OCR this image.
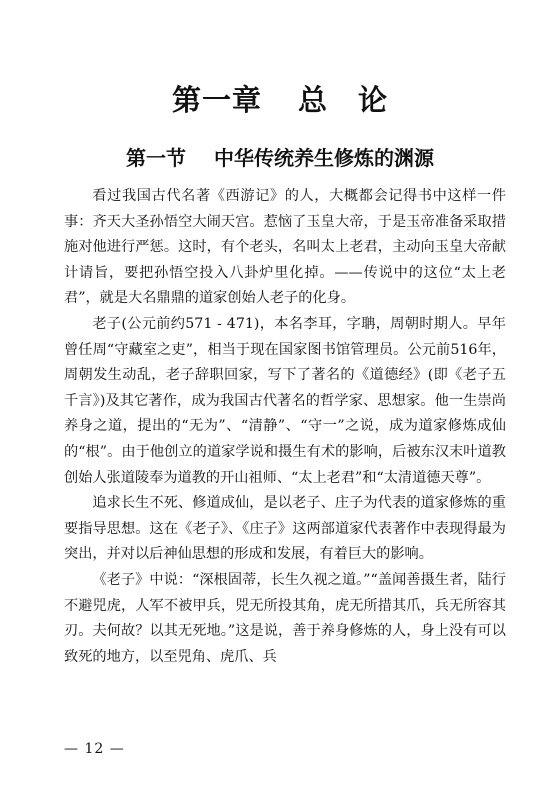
第一章 总 论
第一节 中华传统养生修炼的渊源

看过我国古代名著《西游记》的人，大概都会记得书中这样一件事：齐天大圣孙悟空大闹天宫。惹恼了玉皇大帝，于是玉帝准备采取措施对他进行严惩。这时，有个老头，名叫太上老君，主动向玉皇大帝献计请旨，要把孙悟空投入八卦炉里化掉。——传说中的这位“太上老君”，就是大名鼎鼎的道家创始人老子的化身。

老子(公元前约571 - 471)，本名李耳，字聃，周朝时期人。早年曾任周“守藏室之吏”，相当于现在国家图书馆管理员。公元前516年，周朝发生动乱，老子辞职回家，写下了著名的《道德经》(即《老子五千言》)及其它著作，成为我国古代著名的哲学家、思想家。他一生崇尚养身之道，提出的“无为”、“清静”、“守一”之说，成为道家修炼成仙的“根”。由于他创立的道家学说和摄生有术的影响，后被东汉末叶道教创始人张道陵奉为道教的开山祖师、“太上老君”和“太清道德天尊”。

追求长生不死、修道成仙，是以老子、庄子为代表的道家修炼的重要指导思想。这在《老子》、《庄子》这两部道家代表著作中表现得最为突出，并对以后神仙思想的形成和发展，有着巨大的影响。

《老子》中说：“深根固蒂，长生久视之道。”“盖闻善摄生者，陆行不避兕虎，人军不被甲兵，兕无所投其角，虎无所措其爪，兵无所容其刃。夫何故？以其无死地。”这是说，善于养身修炼的人，身上没有可以致死的地方，以至兕角、虎爪、兵

— 12 —
